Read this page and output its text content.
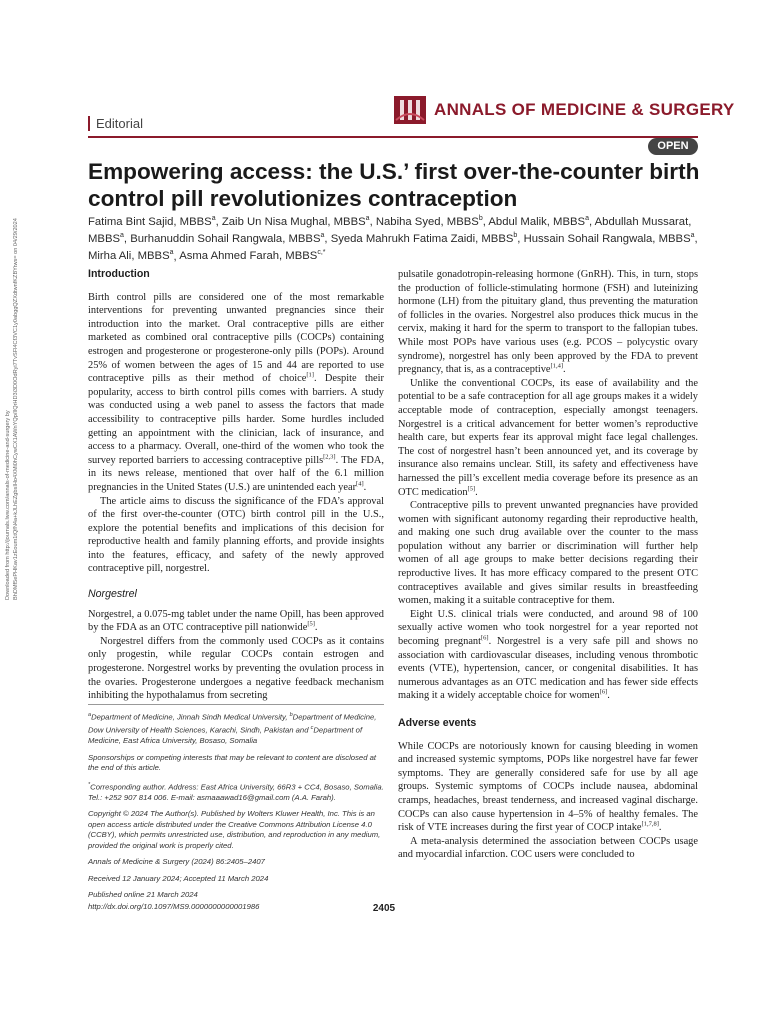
Downloaded from http://journals.lww.com/annals-of-medicine-and-surgery by BhDMf5ePHKav1zEoum1tQfN4a+kJLhEZgbsIHo4XMi0hCywCX1AWnYQp/IlQrHD3i3D0OdRyi7TvSFl4Cf3VC1y0abggQZXdtwnfKZBYtws= on 04/29/2024
Editorial
ANNALS OF MEDICINE & SURGERY
OPEN
Empowering access: the U.S.’ first over-the-counter birth control pill revolutionizes contraception
Fatima Bint Sajid, MBBS$^a$, Zaib Un Nisa Mughal, MBBS$^a$, Nabiha Syed, MBBS$^b$, Abdul Malik, MBBS$^a$, Abdullah Mussarat, MBBS$^a$, Burhanuddin Sohail Rangwala, MBBS$^a$, Syeda Mahrukh Fatima Zaidi, MBBS$^b$, Hussain Sohail Rangwala, MBBS$^a$, Mirha Ali, MBBS$^a$, Asma Ahmed Farah, $MBBS^{c,*}$
Introduction

Birth control pills are considered one of the most remarkable interventions for preventing unwanted pregnancies since their introduction into the market. Oral contraceptive pills are either marketed as combined oral contraceptive pills (COCPs) containing estrogen and progesterone or progesterone-only pills (POPs). Around 25% of women between the ages of 15 and 44 are reported to use contraceptive pills as their method of choice[1]. Despite their popularity, access to birth control pills comes with barriers. A study was conducted using a web panel to assess the factors that made accessibility to contraceptive pills harder. Some hurdles included getting an appointment with the clinician, lack of insurance, and access to a pharmacy. Overall, one-third of the women who took the survey reported barriers to accessing contraceptive pills[2,3]. The FDA, in its news release, mentioned that over half of the 6.1 million pregnancies in the United States (U.S.) are unintended each year[4].

The article aims to discuss the significance of the FDA’s approval of the first over-the-counter (OTC) birth control pill in the U.S., explore the potential benefits and implications of this decision for reproductive health and family planning efforts, and provide insights into the features, efficacy, and safety of the newly approved contraceptive pill, norgestrel.

Norgestrel

Norgestrel, a 0.075-mg tablet under the name Opill, has been approved by the FDA as an OTC contraceptive pill nationwide[5].

Norgestrel differs from the commonly used COCPs as it contains only progestin, while regular COCPs contain estrogen and progesterone. Norgestrel works by preventing the ovulation process in the ovaries. Progesterone undergoes a negative feedback mechanism inhibiting the hypothalamus from secreting

pulsatile gonadotropin-releasing hormone (GnRH). This, in turn, stops the production of follicle-stimulating hormone (FSH) and luteinizing hormone (LH) from the pituitary gland, thus preventing the maturation of follicles in the ovaries. Norgestrel also produces thick mucus in the cervix, making it hard for the sperm to transport to the fallopian tubes. While most POPs have various uses (e.g. PCOS – polycystic ovary syndrome), norgestrel has only been approved by the FDA to prevent pregnancy, that is, as a contraceptive[1,4].

Unlike the conventional COCPs, its ease of availability and the potential to be a safe contraception for all age groups makes it a widely acceptable mode of contraception, especially amongst teenagers. Norgestrel is a critical advancement for better women’s reproductive health care, but experts fear its approval might face legal challenges. The cost of norgestrel hasn’t been announced yet, and its coverage by insurance also remains unclear. Still, its safety and effectiveness have harnessed the pill’s excellent media coverage before its presence as an OTC medication[5].

Contraceptive pills to prevent unwanted pregnancies have provided women with significant autonomy regarding their reproductive health, and making one such drug available over the counter to the mass population without any barrier or discrimination will further help women of all age groups to make better decisions regarding their reproductive lives. It has more efficacy compared to the present OTC contraceptives available and gives similar results in breastfeeding women, making it a suitable contraceptive for them.

Eight U.S. clinical trials were conducted, and around 98 of 100 sexually active women who took norgestrel for a year reported not becoming pregnant[6]. Norgestrel is a very safe pill and shows no association with cardiovascular diseases, including venous thrombotic events (VTE), hypertension, cancer, or congenital disabilities. It has numerous advantages as an OTC medication and has fewer side effects making it a widely acceptable choice for women[6].

Adverse events

While COCPs are notoriously known for causing bleeding in women and increased systemic symptoms, POPs like norgestrel have far fewer symptoms. They are generally considered safe for use by all age groups. Systemic symptoms of COCPs include nausea, abdominal cramps, headaches, breast tenderness, and increased vaginal discharge. COCPs can also cause hypertension in 4–5% of healthy females. The risk of VTE increases during the first year of COCP intake[1,7,8].

A meta-analysis determined the association between COCPs usage and myocardial infarction. COC users were concluded to

$^a$Department of Medicine, Jinnah Sindh Medical University, $^b$Department of Medicine, Dow University of Health Sciences, Karachi, Sindh, Pakistan and $^c$Department of Medicine, East Africa University, Bosaso, Somalia

Sponsorships or competing interests that may be relevant to content are disclosed at the end of this article.

*Corresponding author. Address: East Africa University, 66R3 + CC4, Bosaso, Somalia. Tel.: +252 907 814 006. E-mail: asmaaawad16@gmail.com (A.A. Farah).

Copyright © 2024 The Author(s). Published by Wolters Kluwer Health, Inc. This is an open access article distributed under the Creative Commons Attribution License 4.0 (CCBY), which permits unrestricted use, distribution, and reproduction in any medium, provided the original work is properly cited.

Annals of Medicine & Surgery (2024) 86:2405–2407

Received 12 January 2024; Accepted 11 March 2024

Published online 21 March 2024

http://dx.doi.org/10.1097/MS9.0000000000001986	2405
